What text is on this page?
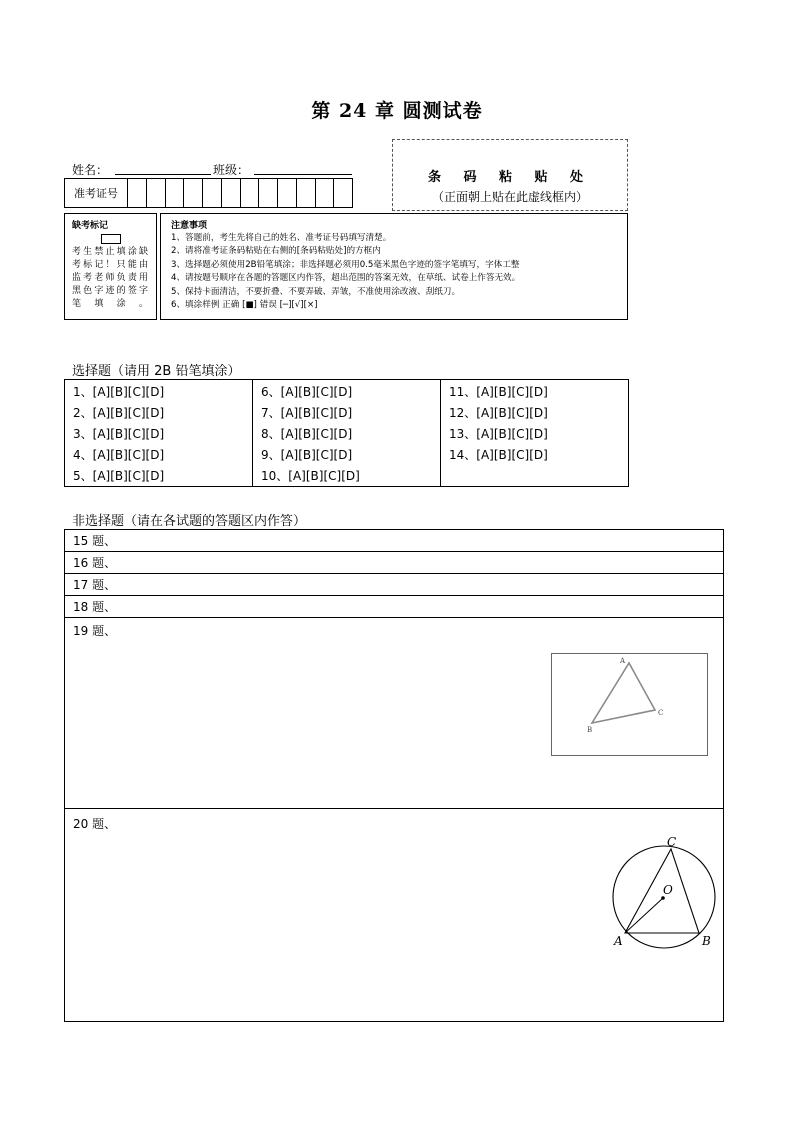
第 24 章 圆测试卷
姓名：	班级：
准考证号
条 码 粘 贴 处
（正面朝上贴在此虚线框内）
缺考标记
考生禁止填涂缺考标记！只能由监考老师负责用黑色字迹的签字笔填涂。
注意事项
1、答题前，考生先将自己的姓名、准考证号码填写清楚。
2、请将准考证条码粘贴在右侧的[条码粘贴处]的方框内
3、选择题必须使用2B铅笔填涂；非选择题必须用0.5毫米黑色字迹的签字笔填写，字体工整
4、请按题号顺序在各题的答题区内作答，超出范围的答案无效，在草纸、试卷上作答无效。
5、保持卡面清洁，不要折叠、不要弄破、弄皱，不准使用涂改液、刮纸刀。
6、填涂样例 正确 [■] 错误 [─][√][×]
选择题（请用 2B 铅笔填涂）
1、[A][B][C][D]
2、[A][B][C][D]
3、[A][B][C][D]
4、[A][B][C][D]
5、[A][B][C][D]
6、[A][B][C][D]
7、[A][B][C][D]
8、[A][B][C][D]
9、[A][B][C][D]
10、[A][B][C][D]
11、[A][B][C][D]
12、[A][B][C][D]
13、[A][B][C][D]
14、[A][B][C][D]
非选择题（请在各试题的答题区内作答）
15 题、
16 题、
17 题、
18 题、
19 题、
A
B
C
20 题、
C
O
A	B
